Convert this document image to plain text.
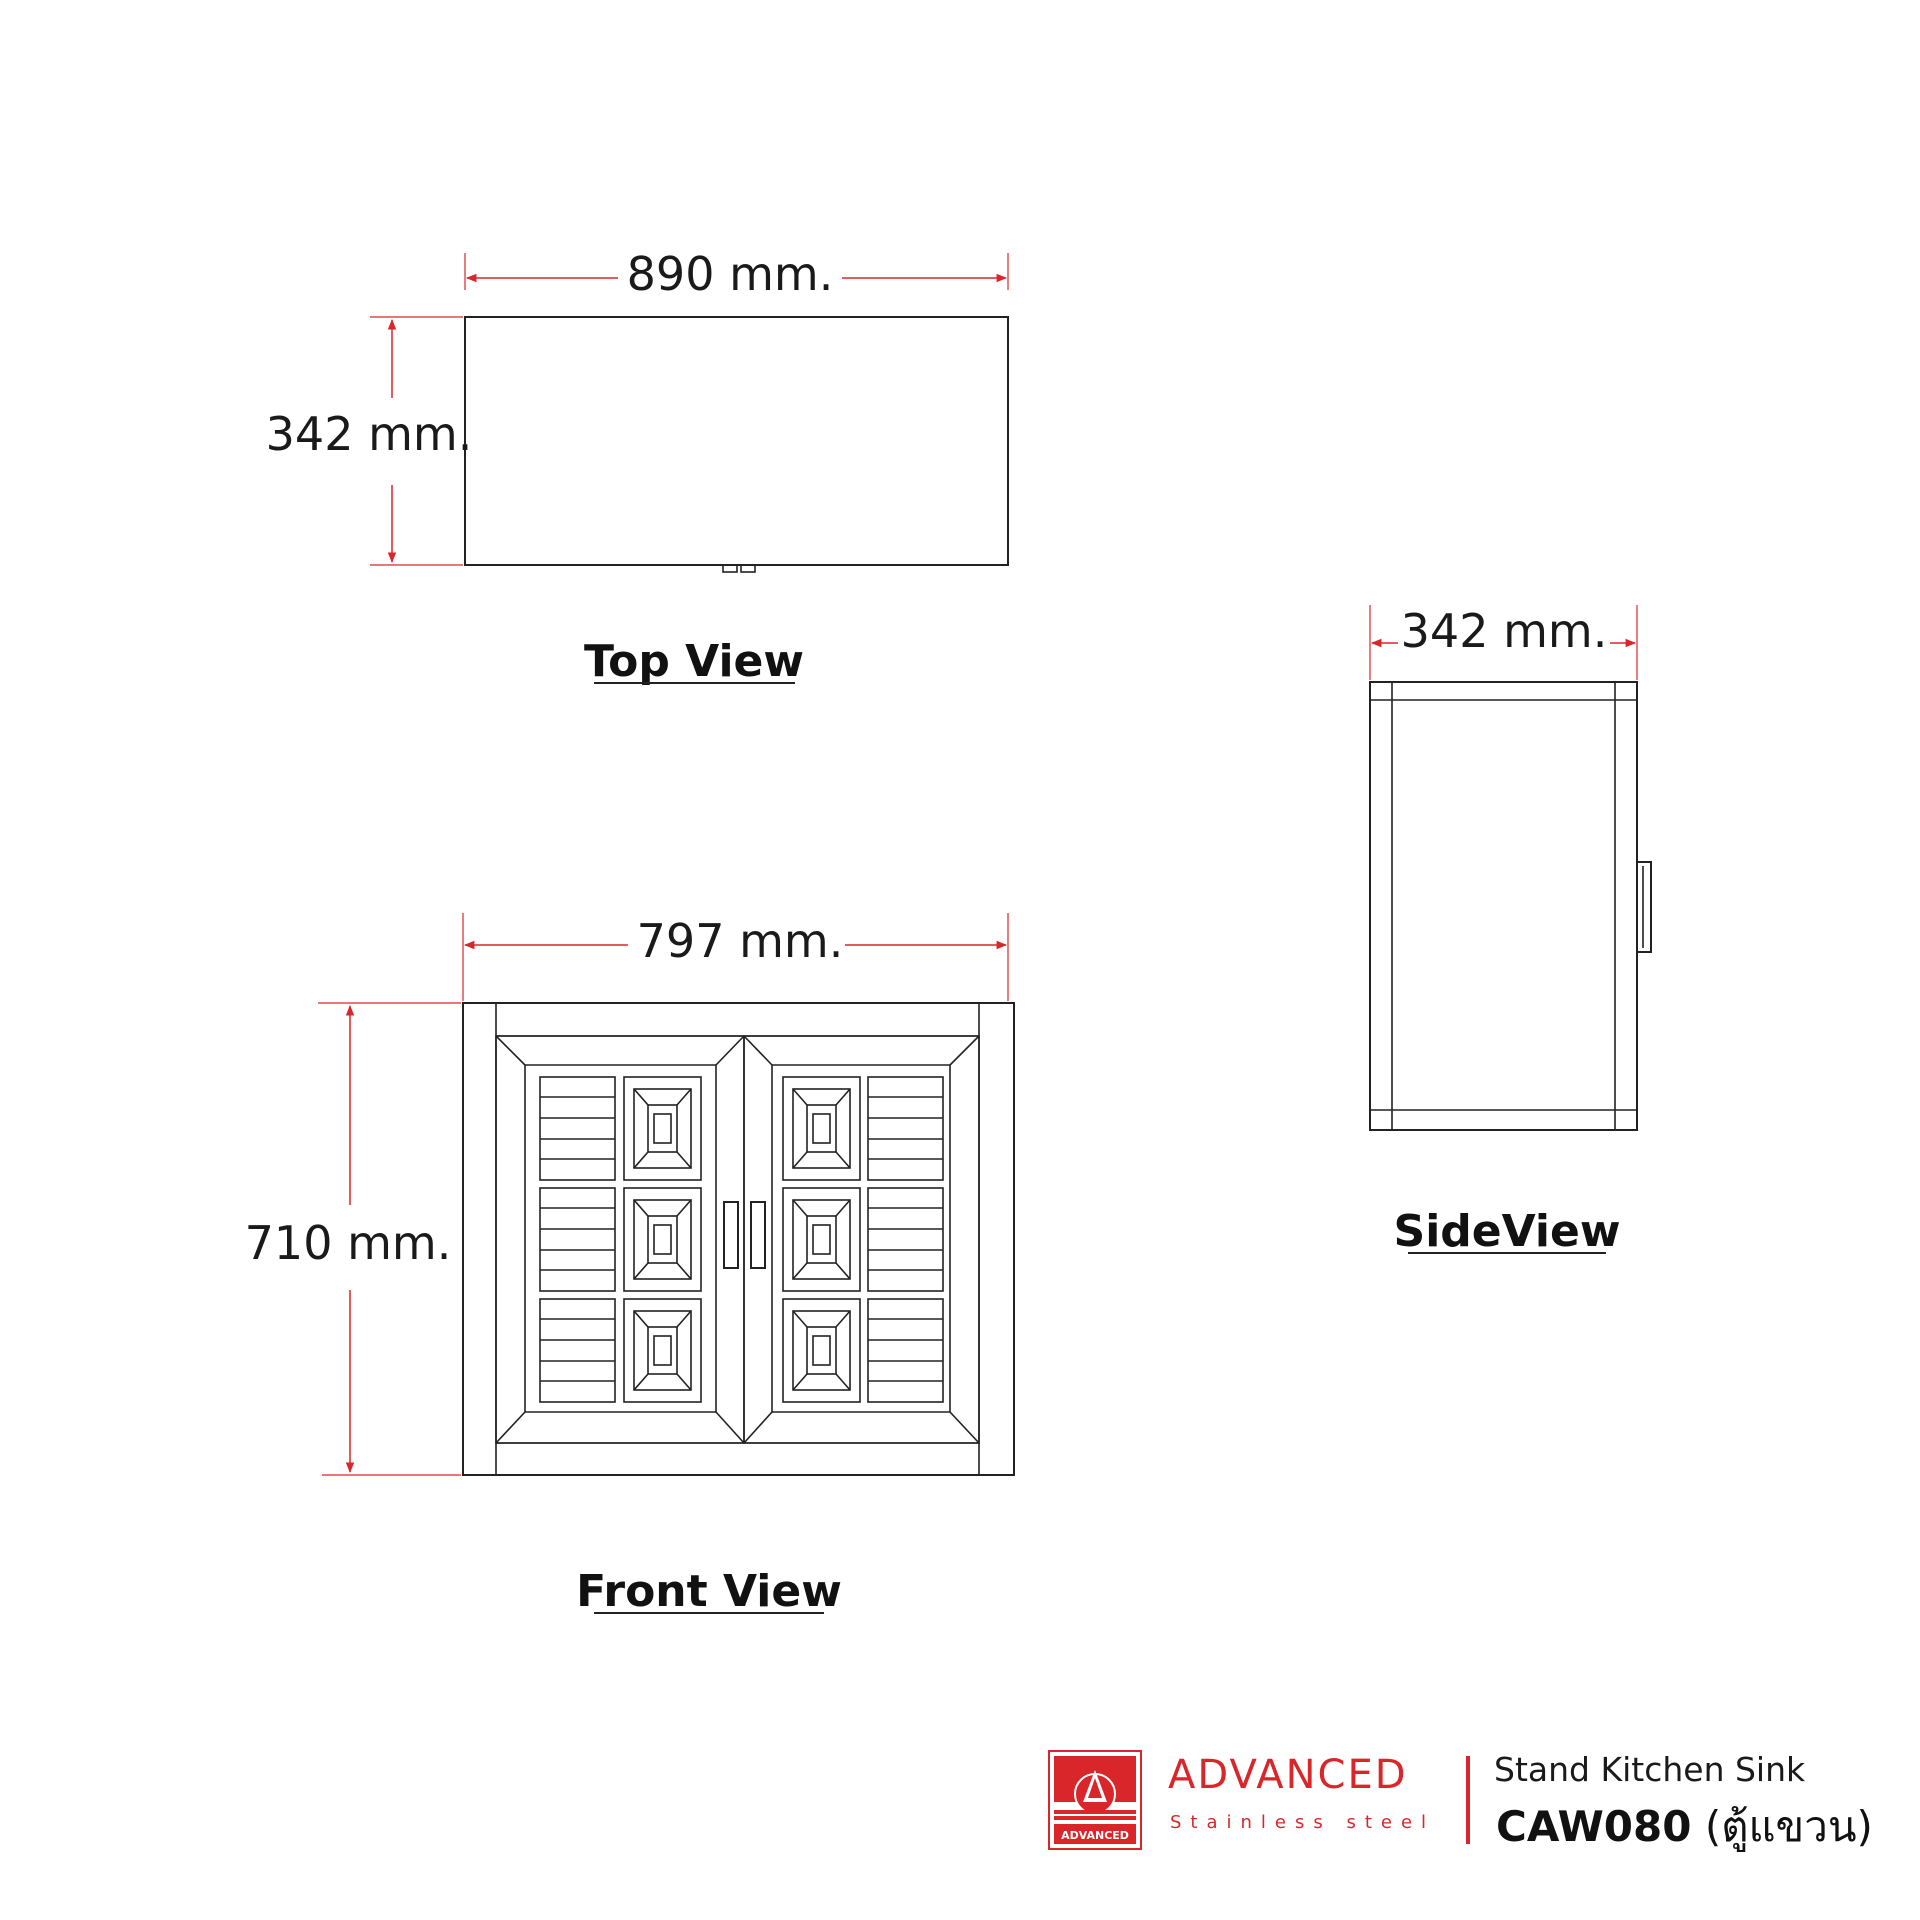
890 mm.
342 mm.
Top View
342 mm.
SideView
797 mm.
710 mm.
Front View
ADVANCED
ADVANCED
Stainless steel
Stand Kitchen Sink
CAW080 (ตู้แขวน)
